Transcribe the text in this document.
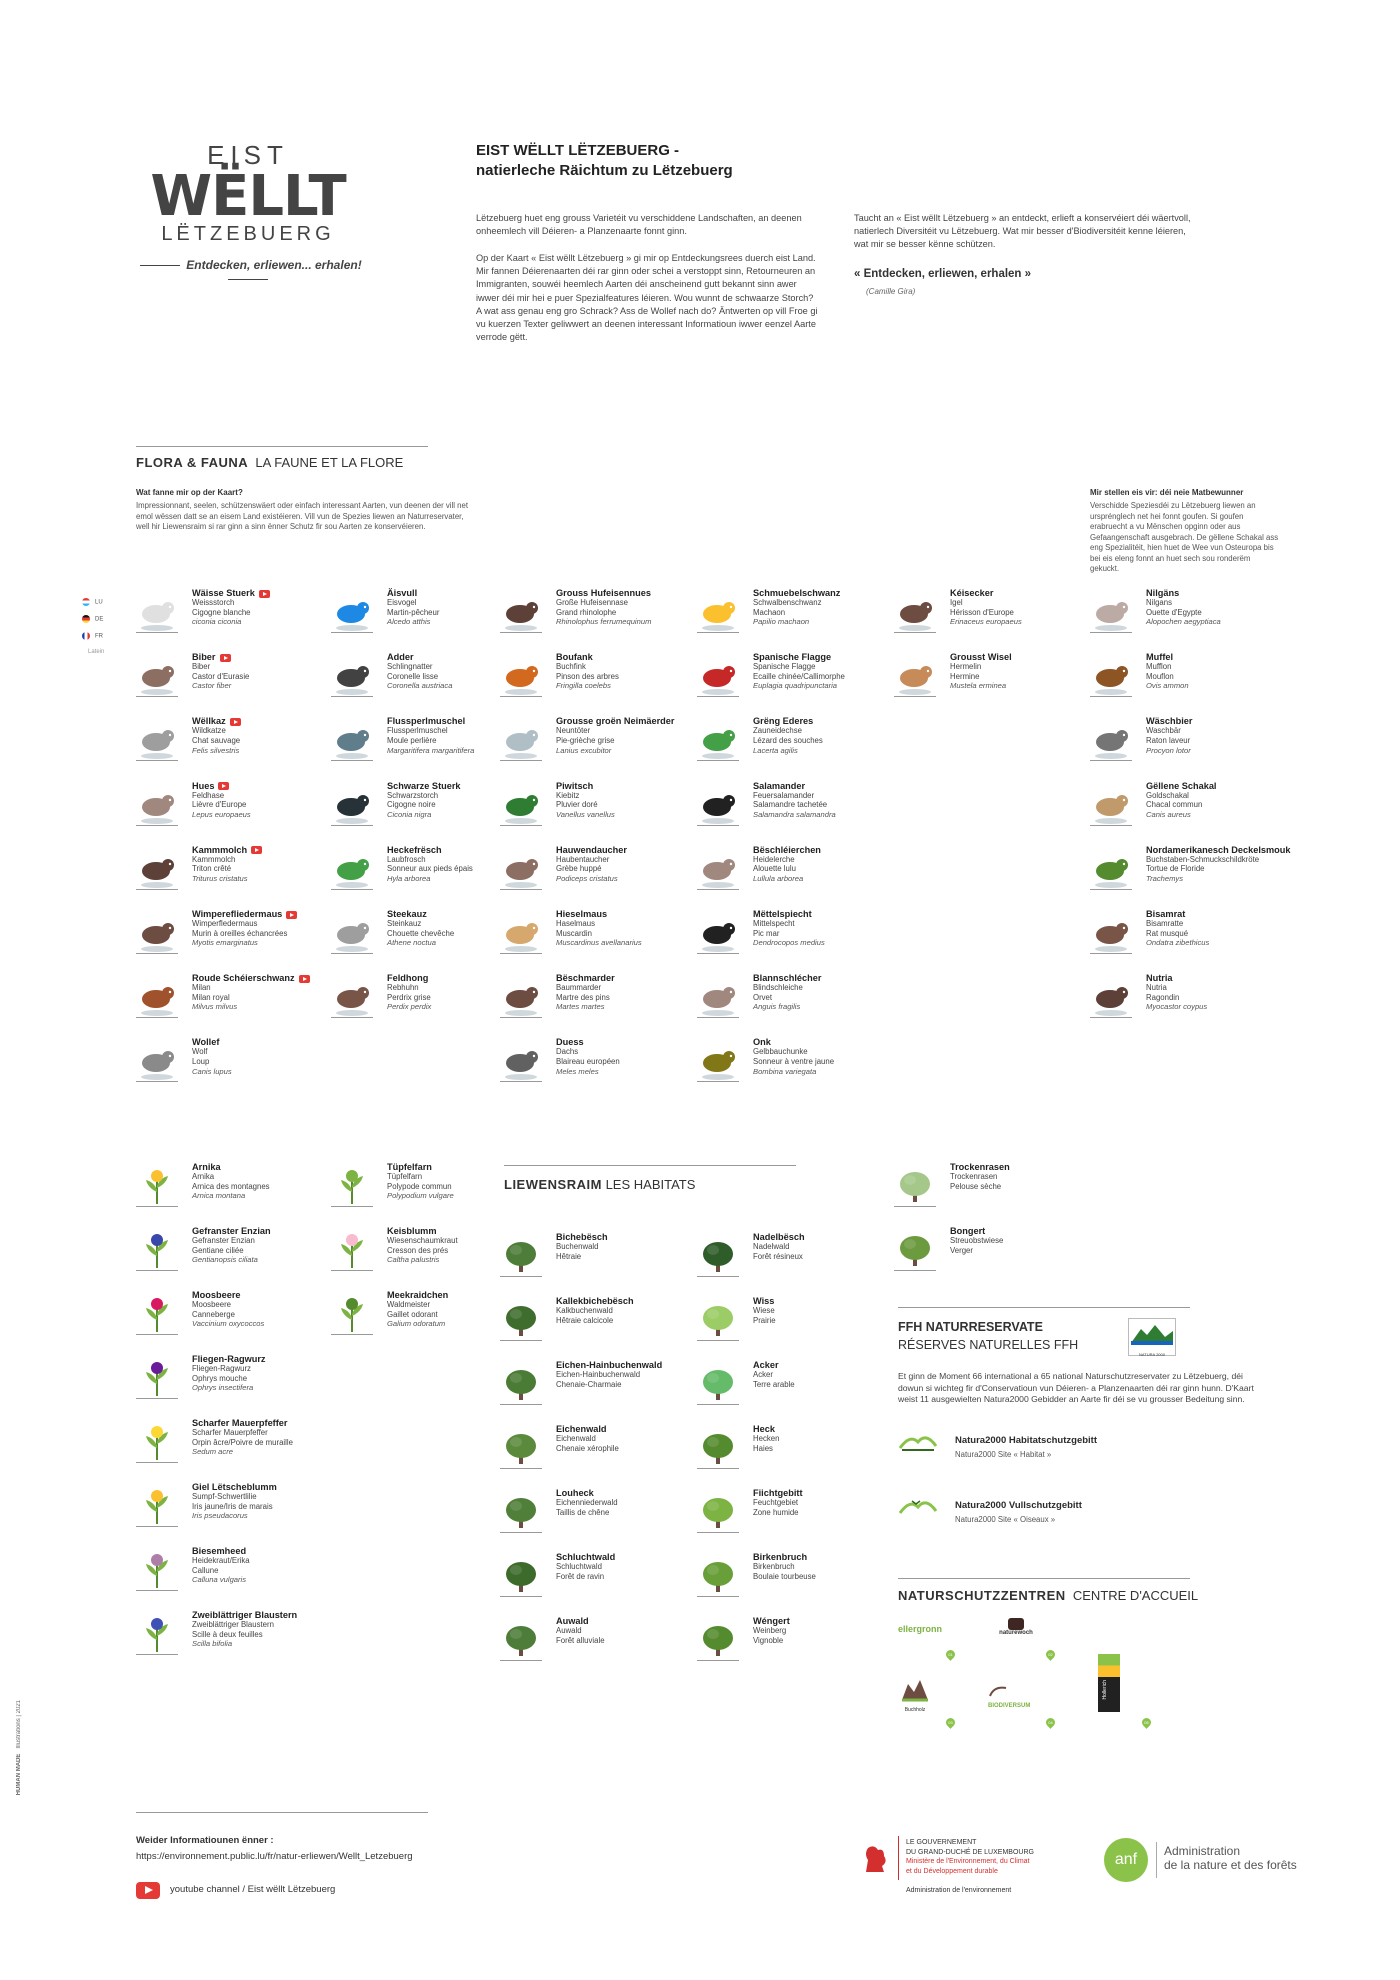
EIST
WËLLT
LËTZEBUERG
Entdecken, erliewen... erhalen!
EIST WËLLT LËTZEBUERG -
natierleche Räichtum zu Lëtzebuerg
Lëtzebuerg huet eng grouss Varietéit vu verschiddene Landschaften, an deenen onheemlech vill Déieren- a Planzenaarte fonnt ginn.
Op der Kaart « Eist wëllt Lëtzebuerg » gi mir op Entdeckungsrees duerch eist Land. Mir fannen Déierenaarten déi rar ginn oder schei a verstoppt sinn, Retourneuren an Immigranten, souwéi heemlech Aarten déi anscheinend gutt bekannt sinn awer iwwer déi mir hei e puer Spezialfeatures léieren. Wou wunnt de schwaarze Storch? A wat ass genau eng gro Schrack? Ass de Wollef nach do? Äntwerten op vill Froe gi vu kuerzen Texter geliwwert an deenen interessant Informatioun iwwer eenzel Aarte verrode gëtt.
Taucht an « Eist wëllt Lëtzebuerg » an entdeckt, erlieft a konservéiert déi wäertvoll, natierlech Diversitéit vu Lëtzebuerg. Wat mir besser d'Biodiversitéit kenne léieren, wat mir se besser kënne schützen.
« Entdecken, erliewen, erhalen »
(Camille Gira)
FLORA & FAUNA LA FAUNE ET LA FLORE
Wat fanne mir op der Kaart?
Impressionnant, seelen, schützenswäert oder einfach interessant Aarten, vun deenen der vill net emol wëssen datt se an eisem Land existéieren. Vill vun de Spezies liewen an Naturreservater, well hir Liewensraim si rar ginn a sinn ënner Schutz fir sou Aarten ze konservéieren.
Mir stellen eis vir: déi neie Matbewunner
Verschidde Speziesdéi zu Lëtzebuerg liewen an ursprénglech net hei fonnt goufen. Si goufen erabruecht a vu Mënschen opginn oder aus Gefaangenschaft ausgebrach. De gëllene Schakal ass eng Spezialitéit, hien huet de Wee vun Osteuropa bis bei eis eleng fonnt an huet sech sou ronderëm gekuckt.
LU
DE
FR
Latein
Wäisse Stuerk
Weissstorch
Cigogne blanche
ciconia ciconia
Biber
Biber
Castor d'Eurasie
Castor fiber
Wëllkaz
Wildkatze
Chat sauvage
Felis silvestris
Hues
Feldhase
Lièvre d'Europe
Lepus europaeus
Kammmolch
Kammmolch
Triton crêté
Triturus cristatus
Wimperefliedermaus
Wimperfledermaus
Murin à oreilles échancrées
Myotis emarginatus
Roude Schéierschwanz
Milan
Milan royal
Milvus milvus
Wollef
Wolf
Loup
Canis lupus
Äisvull
Eisvogel
Martin-pêcheur
Alcedo atthis
Adder
Schlingnatter
Coronelle lisse
Coronella austriaca
Flussperlmuschel
Flussperlmuschel
Moule perlière
Margaritifera margaritifera
Schwarze Stuerk
Schwarzstorch
Cigogne noire
Ciconia nigra
Heckefrësch
Laubfrosch
Sonneur aux pieds épais
Hyla arborea
Steekauz
Steinkauz
Chouette chevêche
Athene noctua
Feldhong
Rebhuhn
Perdrix grise
Perdix perdix
Grouss Hufeisennues
Große Hufeisennase
Grand rhinolophe
Rhinolophus ferrumequinum
Boufank
Buchfink
Pinson des arbres
Fringilla coelebs
Grousse groën Neimäerder
Neuntöter
Pie-grièche grise
Lanius excubitor
Piwitsch
Kiebitz
Pluvier doré
Vanellus vanellus
Hauwendaucher
Haubentaucher
Grèbe huppé
Podiceps cristatus
Hieselmaus
Haselmaus
Muscardin
Muscardinus avellanarius
Bëschmarder
Baummarder
Martre des pins
Martes martes
Duess
Dachs
Blaireau européen
Meles meles
Schmuebelschwanz
Schwalbenschwanz
Machaon
Papilio machaon
Spanische Flagge
Spanische Flagge
Ecaille chinée/Callimorphe
Euplagia quadripunctaria
Grëng Ederes
Zauneidechse
Lézard des souches
Lacerta agilis
Salamander
Feuersalamander
Salamandre tachetée
Salamandra salamandra
Bëschléierchen
Heidelerche
Alouette lulu
Lullula arborea
Mëttelspiecht
Mittelspecht
Pic mar
Dendrocopos medius
Blannschlécher
Blindschleiche
Orvet
Anguis fragilis
Onk
Gelbbauchunke
Sonneur à ventre jaune
Bombina variegata
Kéisecker
Igel
Hérisson d'Europe
Erinaceus europaeus
Grousst Wisel
Hermelin
Hermine
Mustela erminea
Nilgäns
Nilgans
Ouette d'Egypte
Alopochen aegyptiaca
Muffel
Mufflon
Mouflon
Ovis ammon
Wäschbier
Waschbär
Raton laveur
Procyon lotor
Gëllene Schakal
Goldschakal
Chacal commun
Canis aureus
Nordamerikanesch Deckelsmouk
Buchstaben-Schmuckschildkröte
Tortue de Floride
Trachemys
Bisamrat
Bisamratte
Rat musqué
Ondatra zibethicus
Nutria
Nutria
Ragondin
Myocastor coypus
Arnika
Arnika
Arnica des montagnes
Arnica montana
Gefranster Enzian
Gefranster Enzian
Gentiane ciliée
Gentianopsis ciliata
Moosbeere
Moosbeere
Canneberge
Vaccinium oxycoccos
Fliegen-Ragwurz
Fliegen-Ragwurz
Ophrys mouche
Ophrys insectifera
Scharfer Mauerpfeffer
Scharfer Mauerpfeffer
Orpin âcre/Poivre de muraille
Sedum acre
Giel Lëtscheblumm
Sumpf-Schwertlilie
Iris jaune/Iris de marais
Iris pseudacorus
Biesemheed
Heidekraut/Erika
Callune
Calluna vulgaris
Zweiblättriger Blaustern
Zweiblättriger Blaustern
Scille à deux feuilles
Scilla bifolia
Tüpfelfarn
Tüpfelfarn
Polypode commun
Polypodium vulgare
Keisblumm
Wiesenschaumkraut
Cresson des prés
Caltha palustris
Meekraidchen
Waldmeister
Gaillet odorant
Galium odoratum
LIEWENSRAIM LES HABITATS
Bichebësch
Buchenwald
Hêtraie
Kallekbichebësch
Kalkbuchenwald
Hêtraie calcicole
Eichen-Hainbuchenwald
Eichen-Hainbuchenwald
Chenaie-Charmaie
Eichenwald
Eichenwald
Chenaie xérophile
Louheck
Eichenniederwald
Taillis de chêne
Schluchtwald
Schluchtwald
Forêt de ravin
Auwald
Auwald
Forêt alluviale
Nadelbësch
Nadelwald
Forêt résineux
Wiss
Wiese
Prairie
Acker
Acker
Terre arable
Heck
Hecken
Haies
Fiichtgebitt
Feuchtgebiet
Zone humide
Birkenbruch
Birkenbruch
Boulaie tourbeuse
Wéngert
Weinberg
Vignoble
Trockenrasen
Trockenrasen
Pelouse sèche
Bongert
Streuobstwiese
Verger
FFH NATURRESERVATE
RÉSERVES NATURELLES FFH
NATURA 2000
Et ginn de Moment 66 international a 65 national Naturschutzreservater zu Lëtzebuerg, déi dowun si wichteg fir d'Conservatioun vun Déieren- a Planzenaarten déi rar ginn hunn. D'Kaart weist 11 ausgewielten Natura2000 Gebidder an Aarte fir déi se vu grousser Bedeitung sinn.
Natura2000 Habitatschutzgebitt
Natura2000 Site « Habitat »
Natura2000 Vullschutzgebitt
Natura2000 Site « Oiseaux »
NATURSCHUTZZENTREN CENTRE D'ACCUEIL
ellergronn
01
naturewoch
02
Buchholz
03
BIODIVERSUM
04
Hollerich
05
HUMAN MADE   Illustrations | 2021
Weider Informatiounen ënner :
https://environnement.public.lu/fr/natur-erliewen/Wellt_Letzebuerg
youtube channel / Eist wëllt Lëtzebuerg
LE GOUVERNEMENT
DU GRAND-DUCHÉ DE LUXEMBOURG
Ministère de l'Environnement, du Climat
et du Développement durable
Administration de l'environnement
anf	Administration
de la nature et des forêts
